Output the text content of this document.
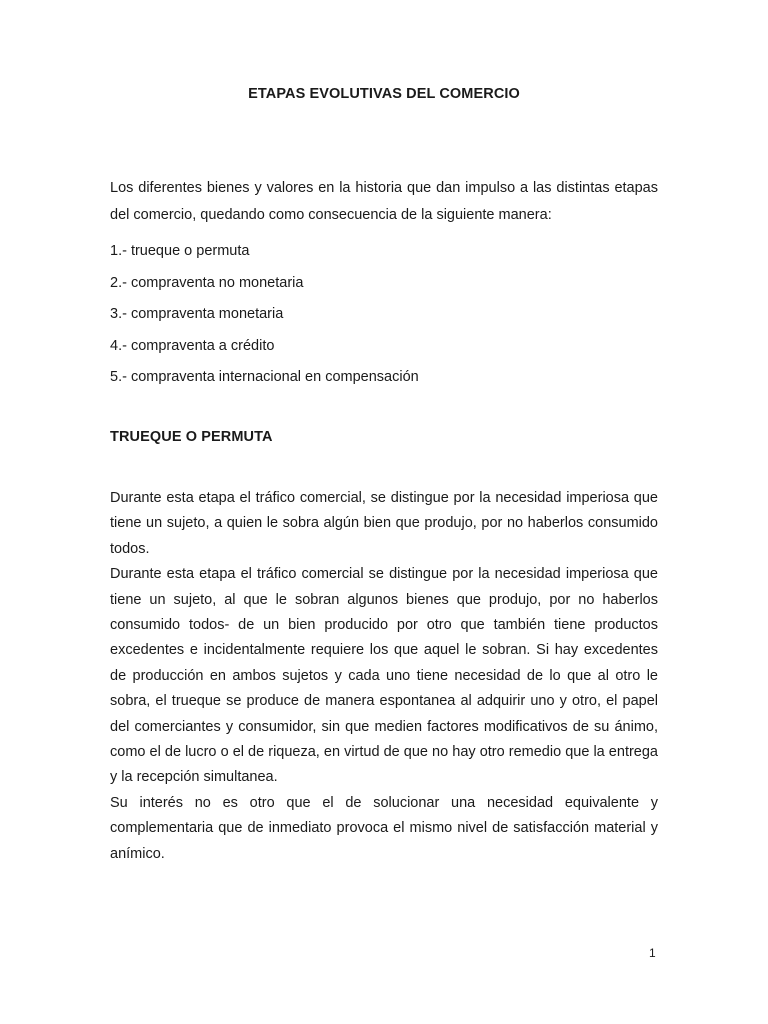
ETAPAS EVOLUTIVAS DEL COMERCIO

Los diferentes bienes y valores en la historia que dan impulso a las distintas etapas del comercio, quedando como consecuencia de la siguiente manera:

1.- trueque o permuta
2.- compraventa no monetaria
3.- compraventa monetaria
4.- compraventa a crédito
5.- compraventa internacional en compensación
TRUEQUE O PERMUTA

Durante esta etapa el tráfico comercial, se distingue por la necesidad imperiosa que tiene un sujeto, a quien le sobra algún bien que produjo, por no haberlos consumido todos.

Durante esta etapa el tráfico comercial se distingue por la necesidad imperiosa que tiene un sujeto, al que le sobran algunos bienes que produjo, por no haberlos consumido todos- de un bien producido por otro que también tiene productos excedentes e incidentalmente requiere los que aquel le sobran. Si hay excedentes de producción en ambos sujetos y cada uno tiene necesidad de lo que al otro le sobra, el trueque se produce de manera espontanea al adquirir uno y otro, el papel del comerciantes y consumidor, sin que medien factores modificativos de su ánimo, como el de lucro o el de riqueza, en virtud de que no hay otro remedio que la entrega y la recepción simultanea.

Su interés no es otro que el de solucionar una necesidad equivalente y complementaria que de inmediato provoca el mismo nivel de satisfacción material y anímico.

1
